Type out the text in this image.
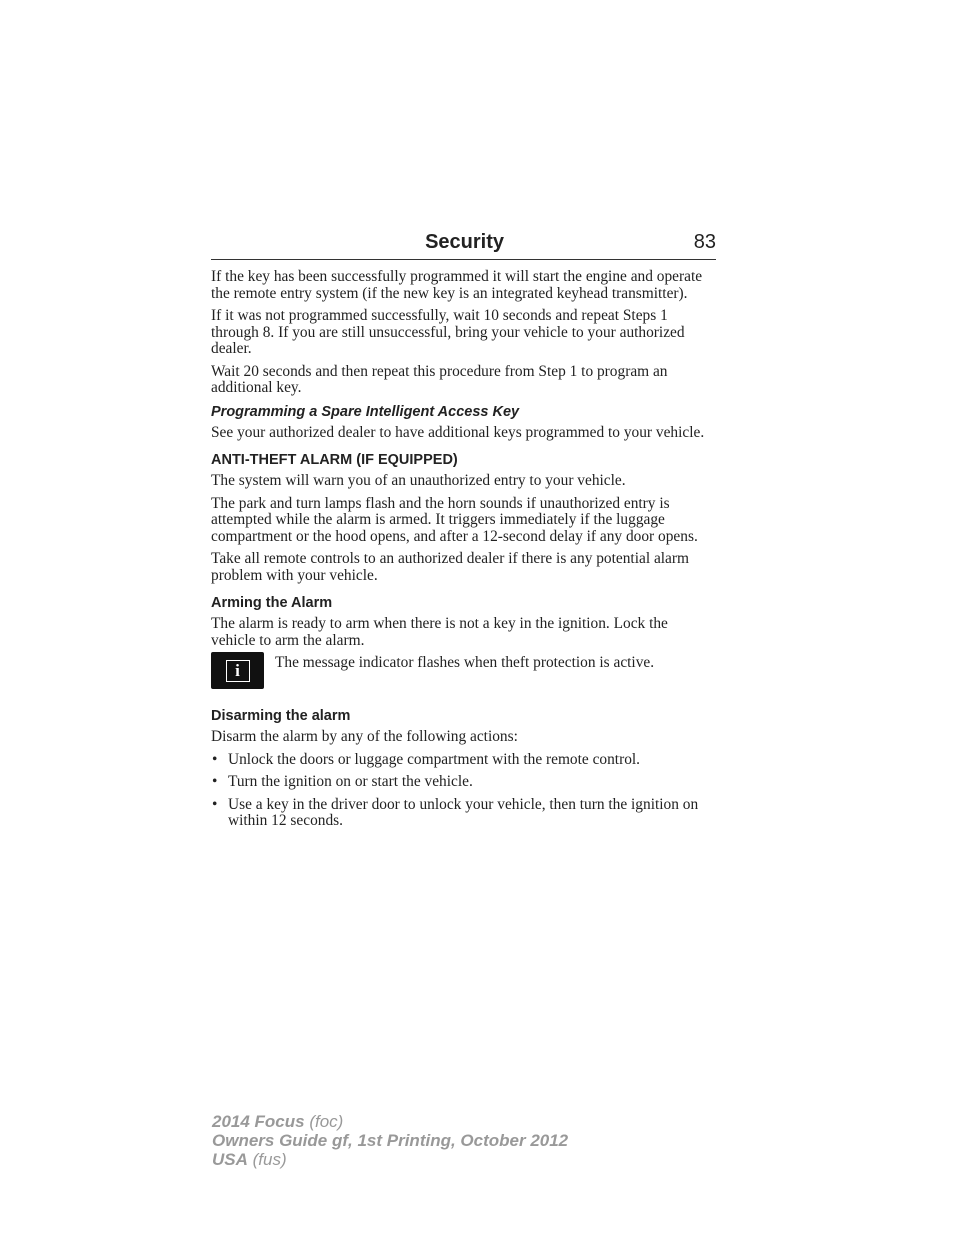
Security	83

If the key has been successfully programmed it will start the engine and operate the remote entry system (if the new key is an integrated keyhead transmitter).

If it was not programmed successfully, wait 10 seconds and repeat Steps 1 through 8. If you are still unsuccessful, bring your vehicle to your authorized dealer.

Wait 20 seconds and then repeat this procedure from Step 1 to program an additional key.

Programming a Spare Intelligent Access Key

See your authorized dealer to have additional keys programmed to your vehicle.

ANTI-THEFT ALARM (IF EQUIPPED)

The system will warn you of an unauthorized entry to your vehicle.

The park and turn lamps flash and the horn sounds if unauthorized entry is attempted while the alarm is armed. It triggers immediately if the luggage compartment or the hood opens, and after a 12-second delay if any door opens.

Take all remote controls to an authorized dealer if there is any potential alarm problem with your vehicle.

Arming the Alarm

The alarm is ready to arm when there is not a key in the ignition. Lock the vehicle to arm the alarm.

i	The message indicator flashes when theft protection is active.
Disarming the alarm

Disarm the alarm by any of the following actions:

• Unlock the doors or luggage compartment with the remote control.
• Turn the ignition on or start the vehicle.
• Use a key in the driver door to unlock your vehicle, then turn the ignition on within 12 seconds.
2014 Focus (foc)
Owners Guide gf, 1st Printing, October 2012
USA (fus)
